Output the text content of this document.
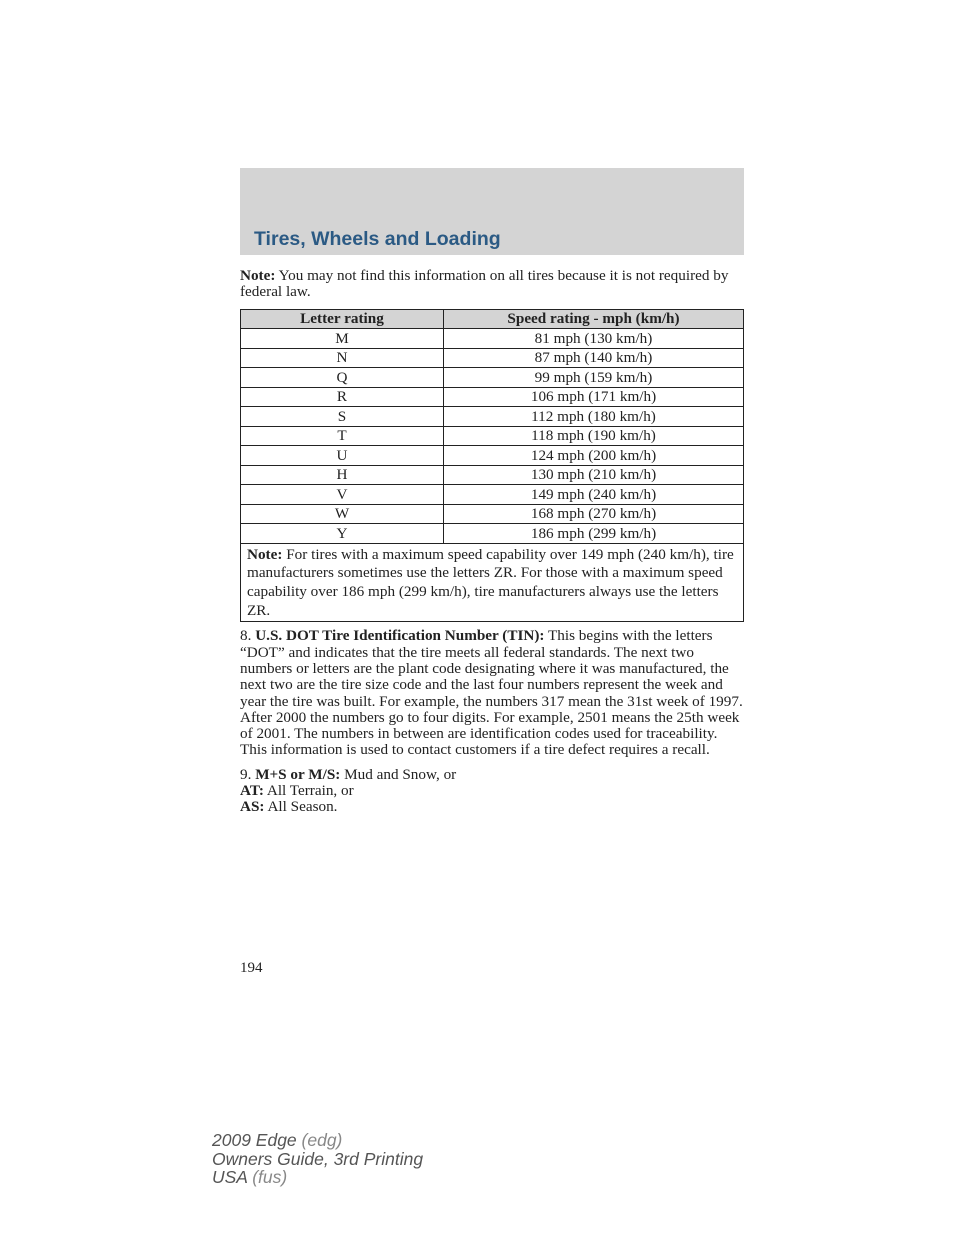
Tires, Wheels and Loading

Note: You may not find this information on all tires because it is not required by federal law.

Letter rating	Speed rating - mph (km/h)
M	81 mph (130 km/h)
N	87 mph (140 km/h)
Q	99 mph (159 km/h)
R	106 mph (171 km/h)
S	112 mph (180 km/h)
T	118 mph (190 km/h)
U	124 mph (200 km/h)
H	130 mph (210 km/h)
V	149 mph (240 km/h)
W	168 mph (270 km/h)
Y	186 mph (299 km/h)
Note: For tires with a maximum speed capability over 149 mph (240 km/h), tire manufacturers sometimes use the letters ZR. For those with a maximum speed capability over 186 mph (299 km/h), tire manufacturers always use the letters ZR.	

8. U.S. DOT Tire Identification Number (TIN): This begins with the letters “DOT” and indicates that the tire meets all federal standards. The next two numbers or letters are the plant code designating where it was manufactured, the next two are the tire size code and the last four numbers represent the week and year the tire was built. For example, the numbers 317 mean the 31st week of 1997. After 2000 the numbers go to four digits. For example, 2501 means the 25th week of 2001. The numbers in between are identification codes used for traceability. This information is used to contact customers if a tire defect requires a recall.

9. M+S or M/S: Mud and Snow, or
AT: All Terrain, or
AS: All Season.
194
2009 Edge (edg)
Owners Guide, 3rd Printing
USA (fus)
